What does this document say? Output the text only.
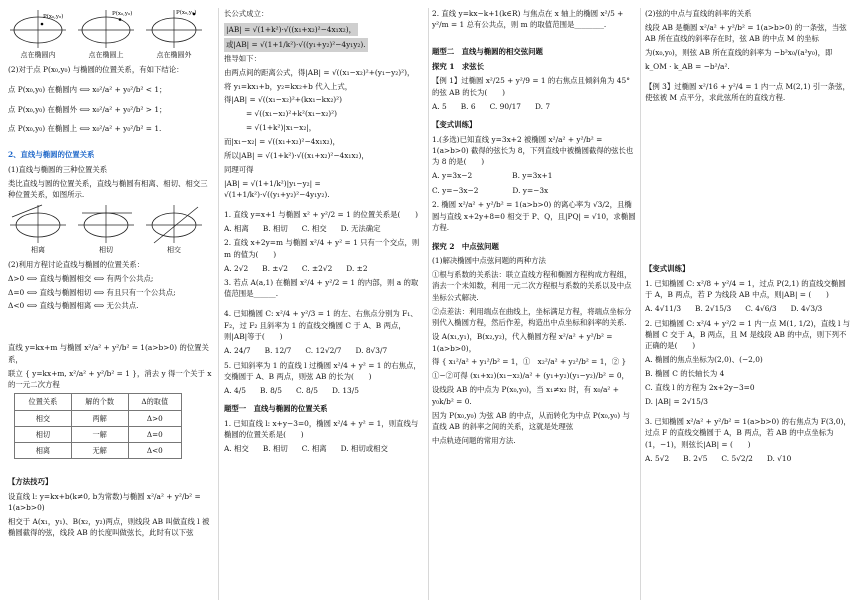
P(x₀,y₀)
点在椭圆内
P(x₀,y₀)
点在椭圆上
P(x₀,y₀)
点在椭圆外

(2)对于点 P(x₀,y₀) 与椭圆的位置关系，有如下结论：

点 P(x₀,y₀) 在椭圆内 ⟺ x₀²/a² + y₀²/b² < 1；

点 P(x₀,y₀) 在椭圆外 ⟺ x₀²/a² + y₀²/b² > 1；

点 P(x₀,y₀) 在椭圆上 ⟺ x₀²/a² + y₀²/b² = 1.

2、直线与椭圆的位置关系

(1)直线与椭圆的三种位置关系

类比直线与圆的位置关系，直线与椭圆有相离、相切、相交三种位置关系，如图所示.

相离	相切	相交

(2)利用方程讨论直线与椭圆的位置关系：

Δ>0 ⟺ 直线与椭圆相交 ⟺ 有两个公共点;

Δ=0 ⟺ 直线与椭圆相切 ⟺ 有且只有一个公共点;

Δ<0 ⟺ 直线与椭圆相离 ⟺ 无公共点.

直线 y=kx+m 与椭圆 x²/a² + y²/b² = 1(a>b>0) 的位置关系，

联立 { y=kx+m, x²/a² + y²/b² = 1 }，消去 y 得一个关于 x 的一元二次方程

位置关系	解的个数	Δ的取值
相交	两解	Δ>0
相切	一解	Δ=0
相离	无解	Δ<0
【方法技巧】

设直线 l: y=kx+b(k≠0, b为常数)与椭圆 x²/a² + y²/b² = 1(a>b>0)

相交于 A(x₁，y₁)、B(x₂，y₂)两点，则线段 AB 叫做直线 l 被椭圆截得的弦，线段 AB 的长度叫做弦长，此时有以下弦

长公式成立：

|AB| = √(1+k²)·√((x₁+x₂)²−4x₁x₂)，
或|AB| = √(1+1/k²)·√((y₁+y₂)²−4y₁y₂).

推导如下：

由两点间的距离公式，得|AB| = √((x₁−x₂)²+(y₁−y₂)²)，

将 y₁=kx₁+b，y₂=kx₂+b 代入上式，

得|AB| = √((x₁−x₂)²+(kx₁−kx₂)²)

= √((x₁−x₂)²+k²(x₁−x₂)²)

= √(1+k²)|x₁−x₂|，

而|x₁−x₂| = √((x₁+x₂)²−4x₁x₂)，

所以|AB| = √(1+k²)·√((x₁+x₂)²−4x₁x₂)，

同理可得

|AB| = √(1+1/k²)|y₁−y₂| = √(1+1/k²)·√((y₁+y₂)²−4y₁y₂).

1. 直线 y=x+1 与椭圆 x² + y²/2 = 1 的位置关系是(　　)

A. 相离 B. 相切 C. 相交 D. 无法确定

2. 直线 x+2y=m 与椭圆 x²/4 + y² = 1 只有一个交点，则 m 的值为(　　)

A. 2√2 B. ±√2 C. ±2√2 D. ±2

3. 若点 A(a,1) 在椭圆 x²/4 + y²/2 = 1 的内部，则 a 的取值范围是______.

4. 已知椭圆 C: x²/4 + y²/3 = 1 的左、右焦点分别为 F₁、F₂，过 F₂ 且斜率为 1 的直线交椭圆 C 于 A、B 两点，则|AB|等于(　　)

A. 24/7 B. 12/7 C. 12√2/7 D. 8√3/7

5. 已知斜率为 1 的直线 l 过椭圆 x²/4 + y² = 1 的右焦点，交椭圆于 A、B 两点，则弦 AB 的长为(　　)

A. 4/5 B. 8/5 C. 8/5 D. 13/5
题型一　直线与椭圆的位置关系

1. 已知直线 l: x+y−3=0，椭圆 x²/4 + y² = 1，则直线与椭圆的位置关系是(　　)

A. 相交 B. 相切 C. 相离 D. 相切或相交

2. 直线 y=kx−k+1(k∈R) 与焦点在 x 轴上的椭圆 x²/5 + y²/m = 1 总有公共点，则 m 的取值范围是________.

题型二　直线与椭圆的相交弦问题
探究 1　求弦长

【例 1】过椭圆 x²/25 + y²/9 = 1 的右焦点且倾斜角为 45° 的弦 AB 的长为(　　)

A. 5 B. 6 C. 90/17 D. 7
【变式训练】

1.(多选)已知直线 y=3x+2 被椭圆 x²/a² + y²/b² = 1(a>b>0) 截得的弦长为 8，下列直线中被椭圆截得的弦长也为 8 的是(　　)

A. y=3x−2	B. y=3x+1
C. y=−3x−2	D. y=−3x

2. 椭圆 x²/a² + y²/b² = 1(a>b>0) 的离心率为 √3/2，且椭圆与直线 x+2y+8=0 相交于 P、Q，且|PQ| = √10，求椭圆方程.

探究 2　中点弦问题

(1)解决椭圆中点弦问题的两种方法

①根与系数的关系法：联立直线方程和椭圆方程构成方程组，消去一个未知数，利用一元二次方程根与系数的关系以及中点坐标公式解决.

②点差法：利用端点在曲线上，坐标满足方程，将端点坐标分别代入椭圆方程，然后作差，构造出中点坐标和斜率的关系.

设 A(x₁,y₁)，B(x₂,y₂)，代入椭圆方程 x²/a² + y²/b² = 1(a>b>0)，

得 { x₁²/a² + y₁²/b² = 1，①　x₂²/a² + y₂²/b² = 1，② }

①−②可得 (x₁+x₂)(x₁−x₂)/a² + (y₁+y₂)(y₁−y₂)/b² = 0，

设线段 AB 的中点为 P(x₀,y₀)，当 x₁≠x₂ 时，有 x₀/a² + y₀k/b² = 0.

因为 P(x₀,y₀) 为弦 AB 的中点，从而转化为中点 P(x₀,y₀) 与直线 AB 的斜率之间的关系，这就是处理弦

中点轨迹问题的常用方法.

(2)弦的中点与直线的斜率的关系

线段 AB 是椭圆 x²/a² + y²/b² = 1(a>b>0) 的一条弦，当弦 AB 所在直线的斜率存在时，弦 AB 的中点 M 的坐标

为(x₀,y₀)，则弦 AB 所在直线的斜率为 −b²x₀/(a²y₀)，即

k_OM · k_AB = −b²/a².

【例 3】过椭圆 x²/16 + y²/4 = 1 内一点 M(2,1) 引一条弦，使弦被 M 点平分，求此弦所在的直线方程.

【变式训练】

1. 已知椭圆 C: x²/8 + y²/4 = 1，过点 P(2,1) 的直线交椭圆于 A，B 两点，若 P 为线段 AB 中点，则|AB| = (　　)

A. 4√11/3 B. 2√15/3 C. 4√6/3 D. 4√3/3

2. 已知椭圆 C: x²/4 + y²/2 = 1 内一点 M(1, 1/2)，直线 l 与椭圆 C 交于 A，B 两点，且 M 是线段 AB 的中点，则下列不正确的是(　　)

A. 椭圆的焦点坐标为(2,0)、(−2,0)

B. 椭圆 C 的长轴长为 4

C. 直线 l 的方程为 2x+2y−3=0

D. |AB| = 2√15/3

3. 已知椭圆 x²/a² + y²/b² = 1(a>b>0) 的右焦点为 F(3,0)，过点 F 的直线交椭圆于 A，B 两点，若 AB 的中点坐标为(1，−1)，则弦长|AB| = (　　)

A. 5√2 B. 2√5 C. 5√2/2 D. √10
